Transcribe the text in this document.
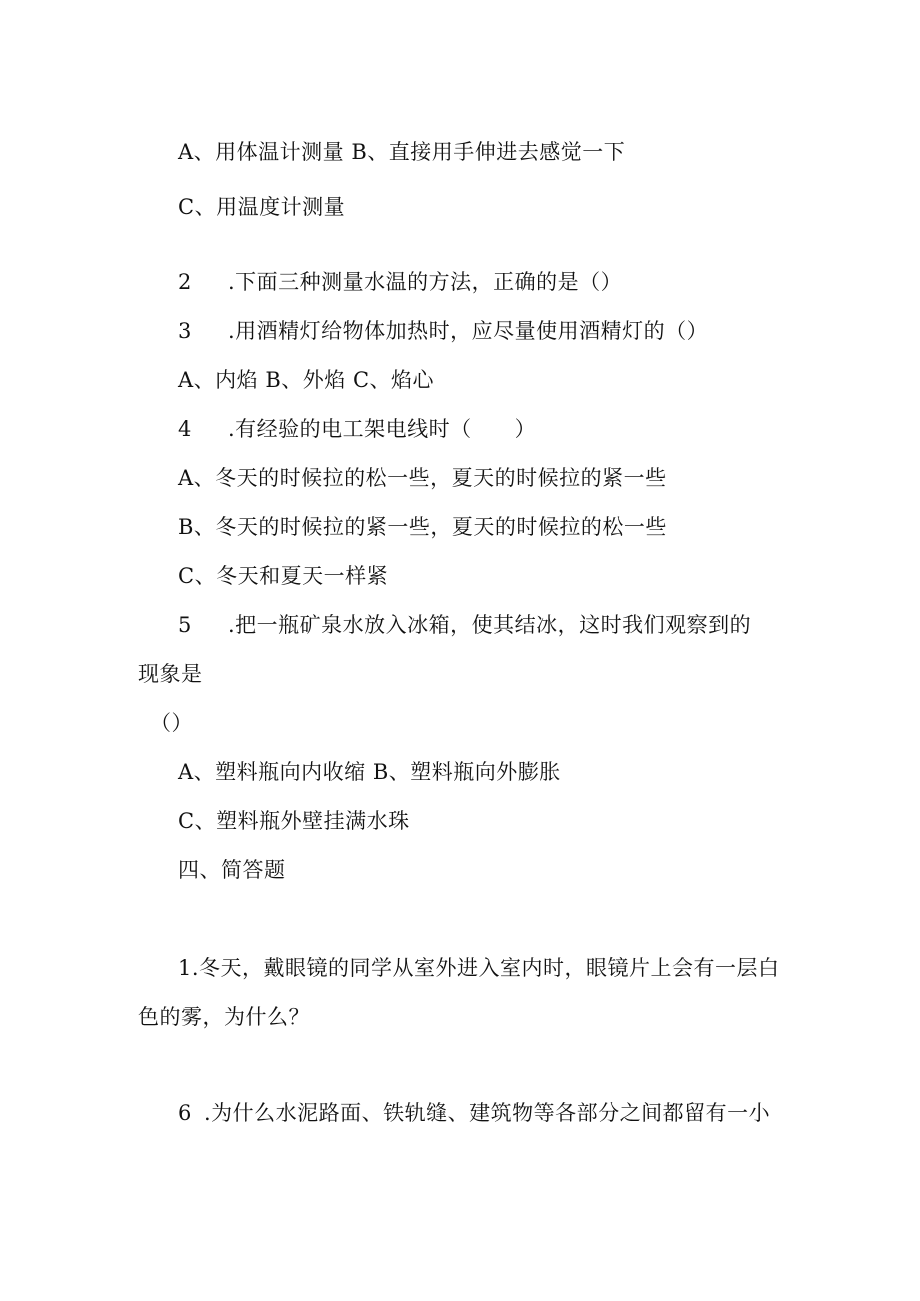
A、用体温计测量 B、直接用手伸进去感觉一下
C、用温度计测量
2 .下面三种测量水温的方法，正确的是（）
3 .用酒精灯给物体加热时，应尽量使用酒精灯的（）
A、内焰 B、外焰 C、焰心
4 .有经验的电工架电线时（　　）
A、冬天的时候拉的松一些，夏天的时候拉的紧一些
B、冬天的时候拉的紧一些，夏天的时候拉的松一些
C、冬天和夏天一样紧
5 .把一瓶矿泉水放入冰箱，使其结冰，这时我们观察到的
现象是
（）
A、塑料瓶向内收缩 B、塑料瓶向外膨胀
C、塑料瓶外壁挂满水珠
四、简答题
1.冬天，戴眼镜的同学从室外进入室内时，眼镜片上会有一层白
色的雾，为什么？
6 .为什么水泥路面、铁轨缝、建筑物等各部分之间都留有一小
